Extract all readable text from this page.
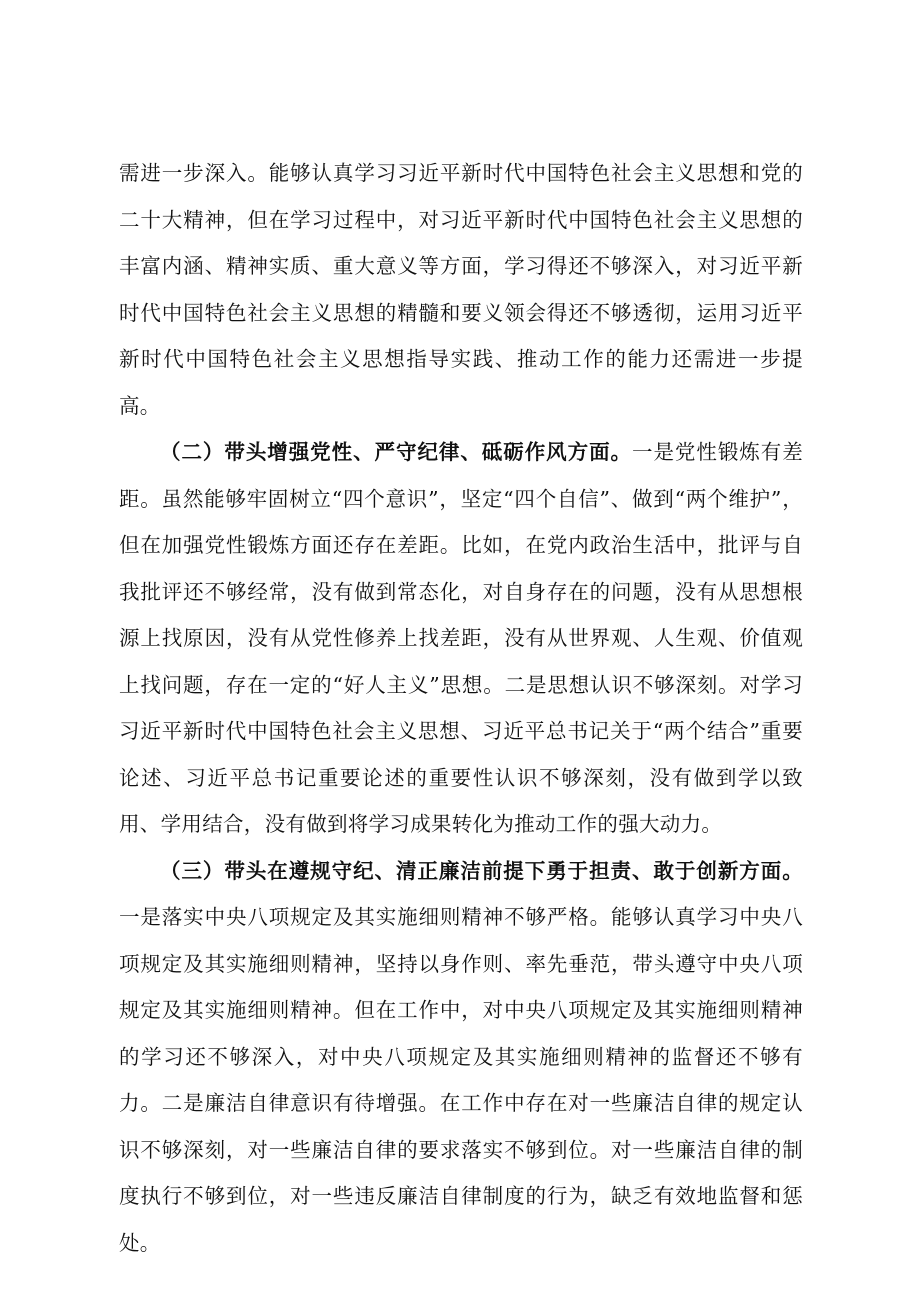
需进一步深入。能够认真学习习近平新时代中国特色社会主义思想和党的二十大精神，但在学习过程中，对习近平新时代中国特色社会主义思想的丰富内涵、精神实质、重大意义等方面，学习得还不够深入，对习近平新时代中国特色社会主义思想的精髓和要义领会得还不够透彻，运用习近平新时代中国特色社会主义思想指导实践、推动工作的能力还需进一步提高。

（二）带头增强党性、严守纪律、砥砺作风方面。一是党性锻炼有差距。虽然能够牢固树立“四个意识”，坚定“四个自信”、做到“两个维护”，但在加强党性锻炼方面还存在差距。比如，在党内政治生活中，批评与自我批评还不够经常，没有做到常态化，对自身存在的问题，没有从思想根源上找原因，没有从党性修养上找差距，没有从世界观、人生观、价值观上找问题，存在一定的“好人主义”思想。二是思想认识不够深刻。对学习习近平新时代中国特色社会主义思想、习近平总书记关于“两个结合”重要论述、习近平总书记重要论述的重要性认识不够深刻，没有做到学以致用、学用结合，没有做到将学习成果转化为推动工作的强大动力。

（三）带头在遵规守纪、清正廉洁前提下勇于担责、敢于创新方面。一是落实中央八项规定及其实施细则精神不够严格。能够认真学习中央八项规定及其实施细则精神，坚持以身作则、率先垂范，带头遵守中央八项规定及其实施细则精神。但在工作中，对中央八项规定及其实施细则精神的学习还不够深入，对中央八项规定及其实施细则精神的监督还不够有力。二是廉洁自律意识有待增强。在工作中存在对一些廉洁自律的规定认识不够深刻，对一些廉洁自律的要求落实不够到位。对一些廉洁自律的制度执行不够到位，对一些违反廉洁自律制度的行为，缺乏有效地监督和惩处。
